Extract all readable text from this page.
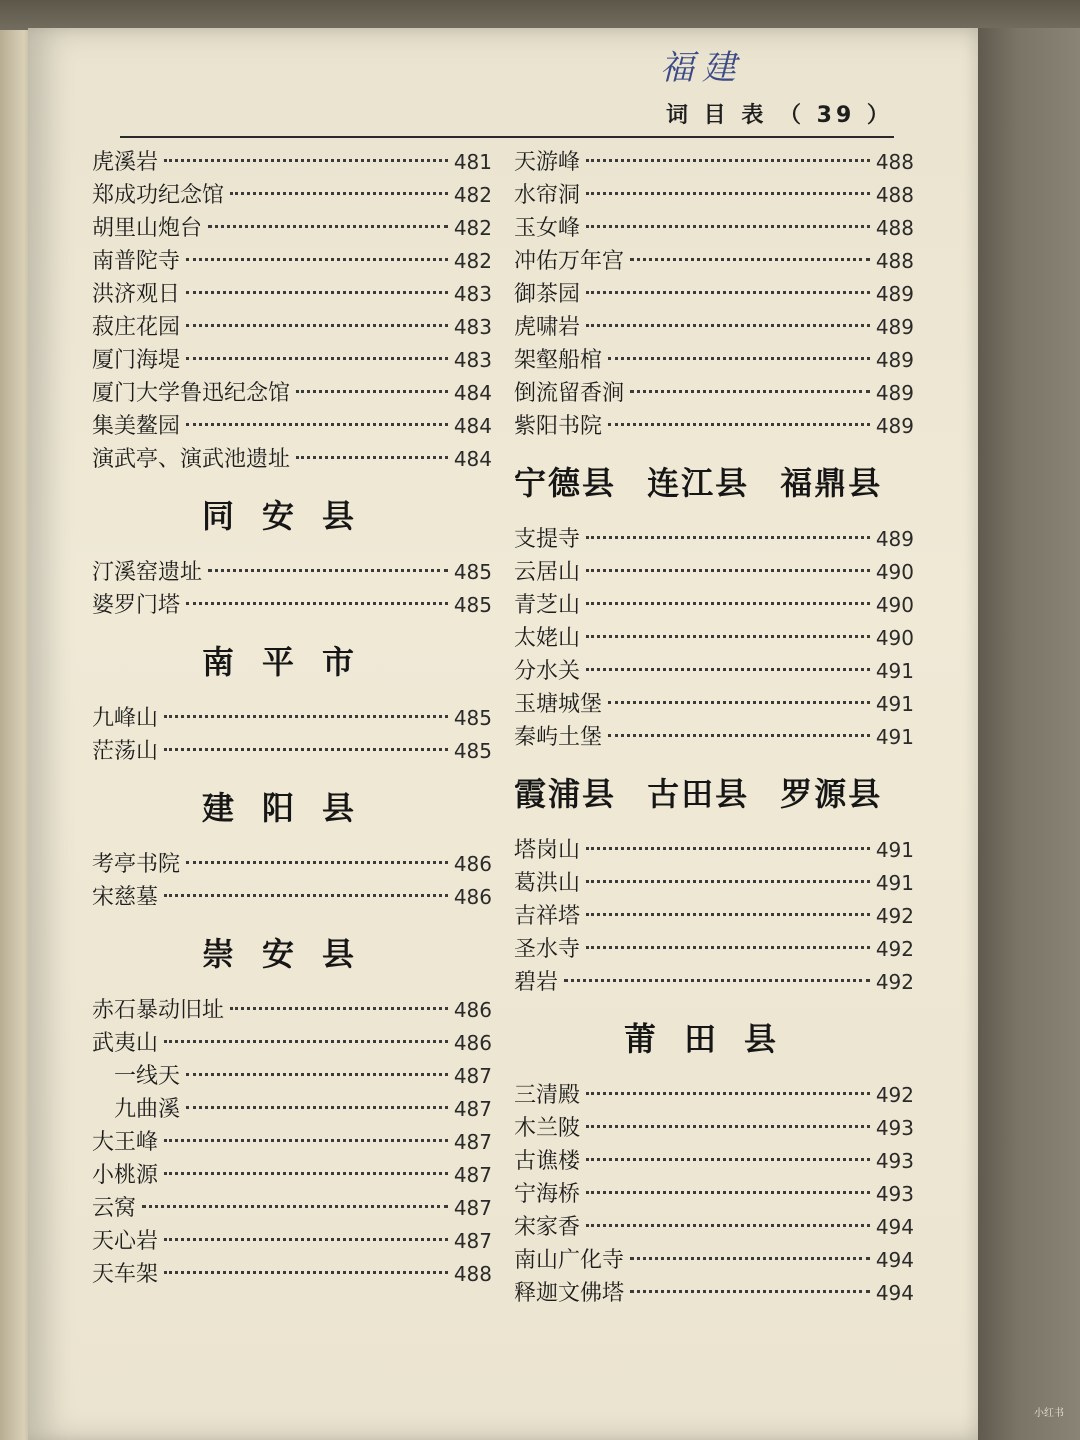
福建
词 目 表 （ 39 ）
虎溪岩	481
郑成功纪念馆	482
胡里山炮台	482
南普陀寺	482
洪济观日	483
菽庄花园	483
厦门海堤	483
厦门大学鲁迅纪念馆	484
集美鳌园	484
演武亭、演武池遗址	484
同安县
汀溪窑遗址	485
婆罗门塔	485
南平市
九峰山	485
茫荡山	485
建阳县
考亭书院	486
宋慈墓	486
崇安县
赤石暴动旧址	486
武夷山	486
一线天	487
九曲溪	487
大王峰	487
小桃源	487
云窝	487
天心岩	487
天车架	488
天游峰	488
水帘洞	488
玉女峰	488
冲佑万年宫	488
御茶园	489
虎啸岩	489
架壑船棺	489
倒流留香涧	489
紫阳书院	489
宁德县 连江县 福鼎县
支提寺	489
云居山	490
青芝山	490
太姥山	490
分水关	491
玉塘城堡	491
秦屿土堡	491
霞浦县 古田县 罗源县
塔岗山	491
葛洪山	491
吉祥塔	492
圣水寺	492
碧岩	492
莆田县
三清殿	492
木兰陂	493
古谯楼	493
宁海桥	493
宋家香	494
南山广化寺	494
释迦文佛塔	494
小红书
